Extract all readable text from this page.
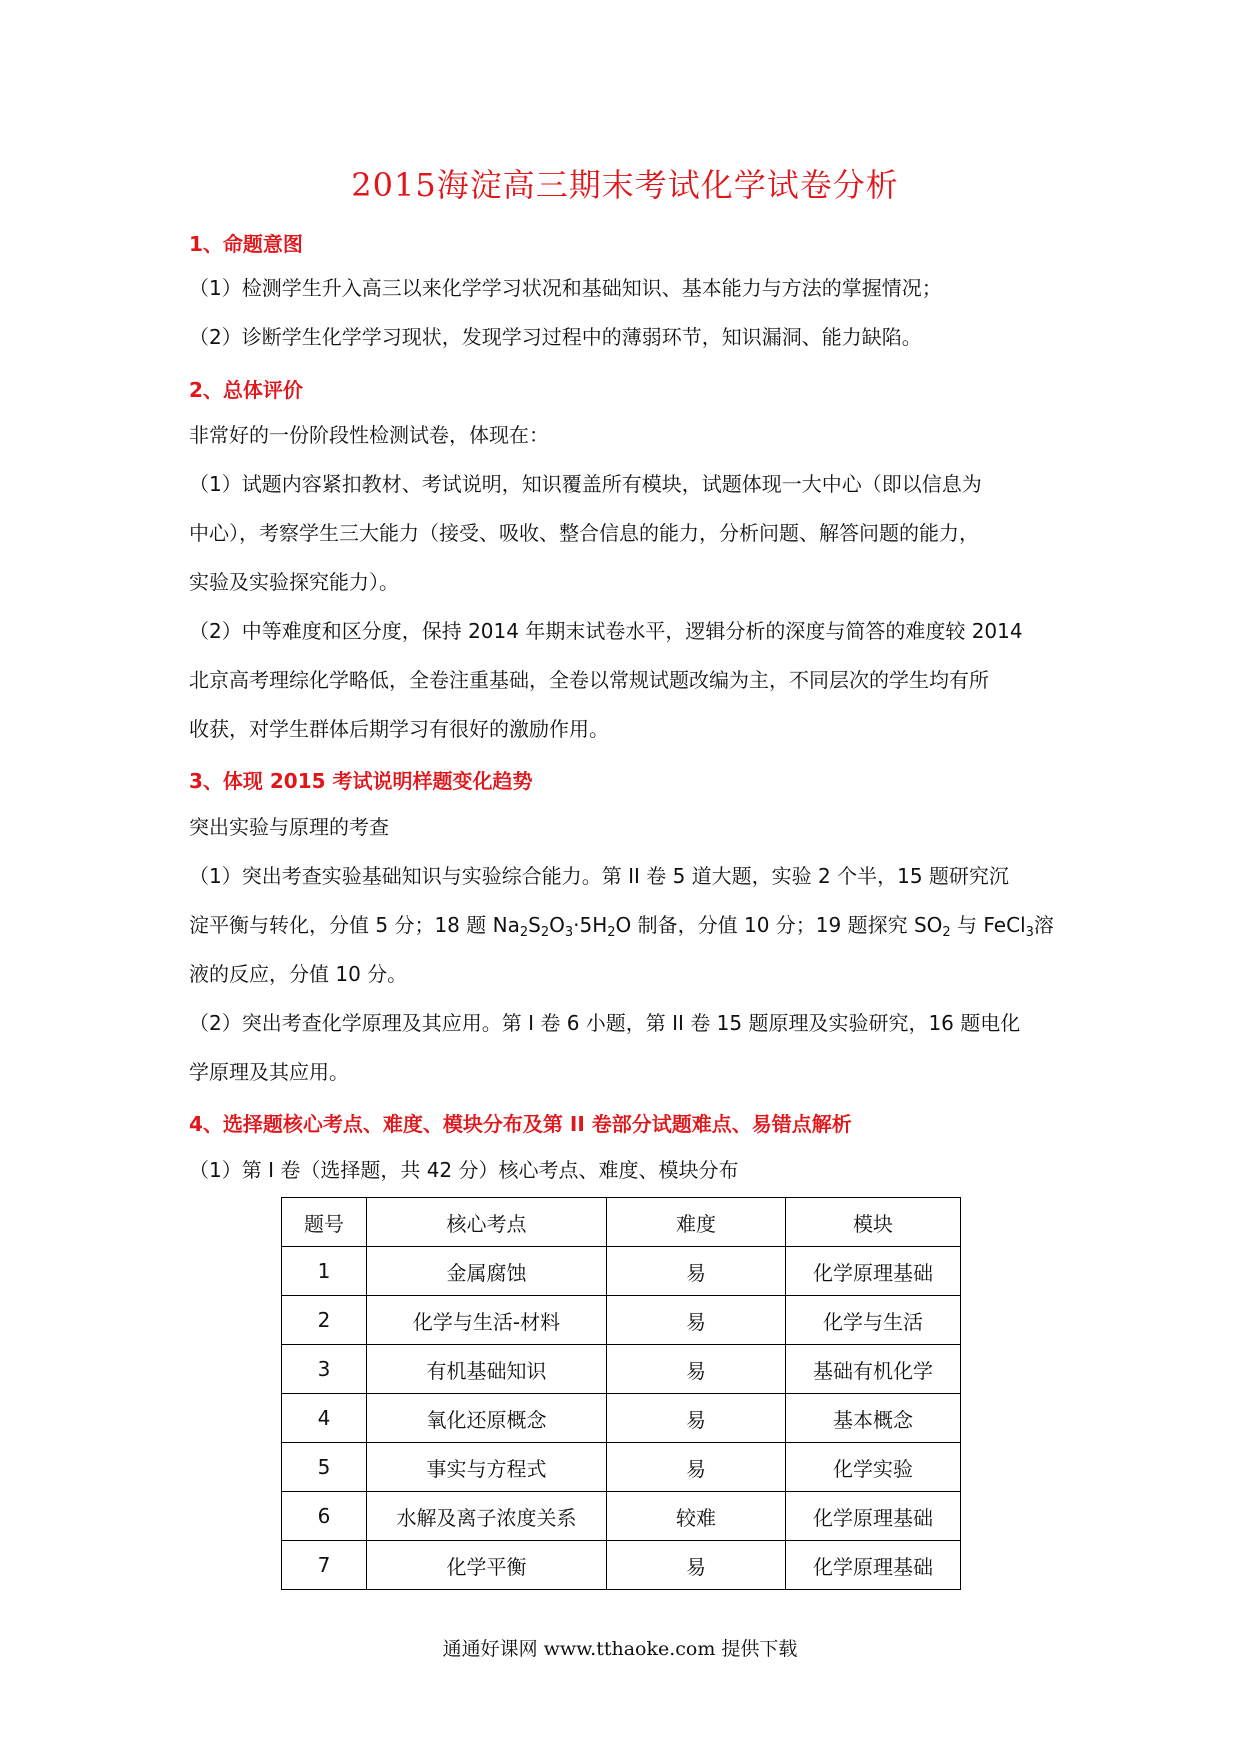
2015海淀高三期末考试化学试卷分析
1、命题意图
（1）检测学生升入高三以来化学学习状况和基础知识、基本能力与方法的掌握情况；
（2）诊断学生化学学习现状，发现学习过程中的薄弱环节，知识漏洞、能力缺陷。
2、总体评价
非常好的一份阶段性检测试卷，体现在：
（1）试题内容紧扣教材、考试说明，知识覆盖所有模块，试题体现一大中心（即以信息为
中心），考察学生三大能力（接受、吸收、整合信息的能力，分析问题、解答问题的能力，
实验及实验探究能力）。
（2）中等难度和区分度，保持 2014 年期末试卷水平，逻辑分析的深度与简答的难度较 2014
北京高考理综化学略低，全卷注重基础，全卷以常规试题改编为主，不同层次的学生均有所
收获，对学生群体后期学习有很好的激励作用。
3、体现 2015 考试说明样题变化趋势
突出实验与原理的考查
（1）突出考查实验基础知识与实验综合能力。第 II 卷 5 道大题，实验 2 个半，15 题研究沉
淀平衡与转化，分值 5 分；18 题 $Na_2S_2O_3\cdot 5H_2O$ 制备，分值 10 分；19 题探究 $SO_2$ 与 FeCl$_3$溶
液的反应，分值 10 分。
（2）突出考查化学原理及其应用。第 I 卷 6 小题，第 II 卷 15 题原理及实验研究，16 题电化
学原理及其应用。
4、选择题核心考点、难度、模块分布及第 II 卷部分试题难点、易错点解析
（1）第 I 卷（选择题，共 42 分）核心考点、难度、模块分布
题号	核心考点	难度	模块
1	金属腐蚀	易	化学原理基础
2	化学与生活-材料	易	化学与生活
3	有机基础知识	易	基础有机化学
4	氧化还原概念	易	基本概念
5	事实与方程式	易	化学实验
6	水解及离子浓度关系	较难	化学原理基础
7	化学平衡	易	化学原理基础
通通好课网 www.tthaoke.com 提供下载
